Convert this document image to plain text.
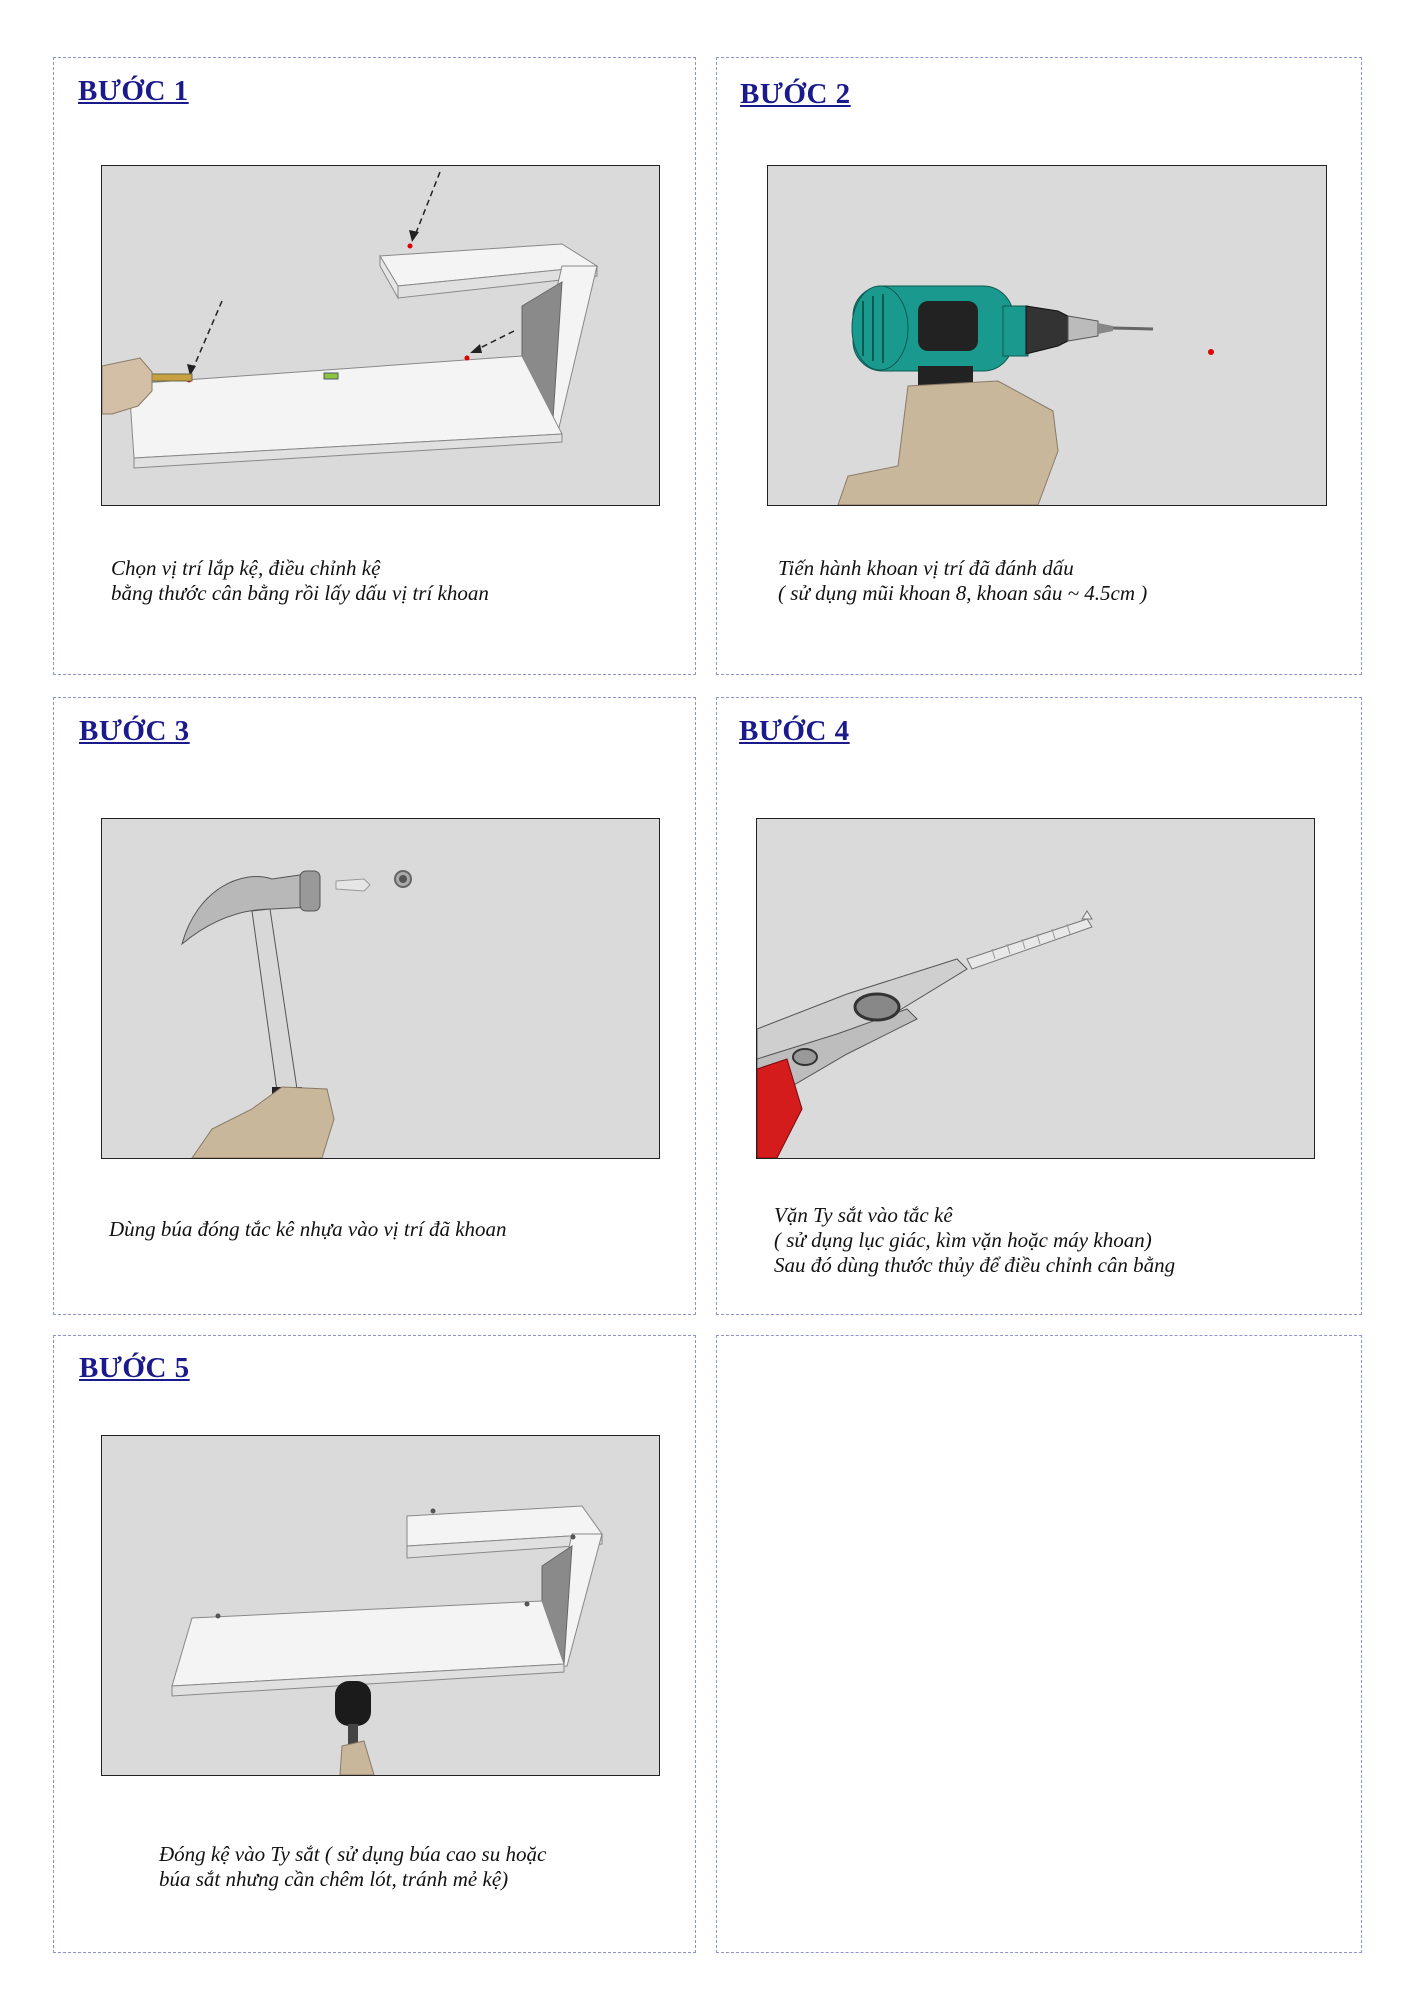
BƯỚC 1
Chọn vị trí lắp kệ, điều chỉnh kệ
bằng thước cân bằng rồi lấy dấu vị trí khoan
BƯỚC 2
Tiến hành khoan vị trí đã đánh dấu
( sử dụng mũi khoan 8, khoan sâu ~ 4.5cm )
BƯỚC 3
Dùng búa đóng tắc kê nhựa vào vị trí đã khoan
BƯỚC 4
Vặn Ty sắt vào tắc kê
( sử dụng lục giác, kìm vặn hoặc máy khoan)
Sau đó dùng thước thủy để điều chỉnh cân bằng
BƯỚC 5
Đóng kệ vào Ty sắt ( sử dụng búa cao su hoặc
búa sắt nhưng cần chêm lót, tránh mẻ kệ)
